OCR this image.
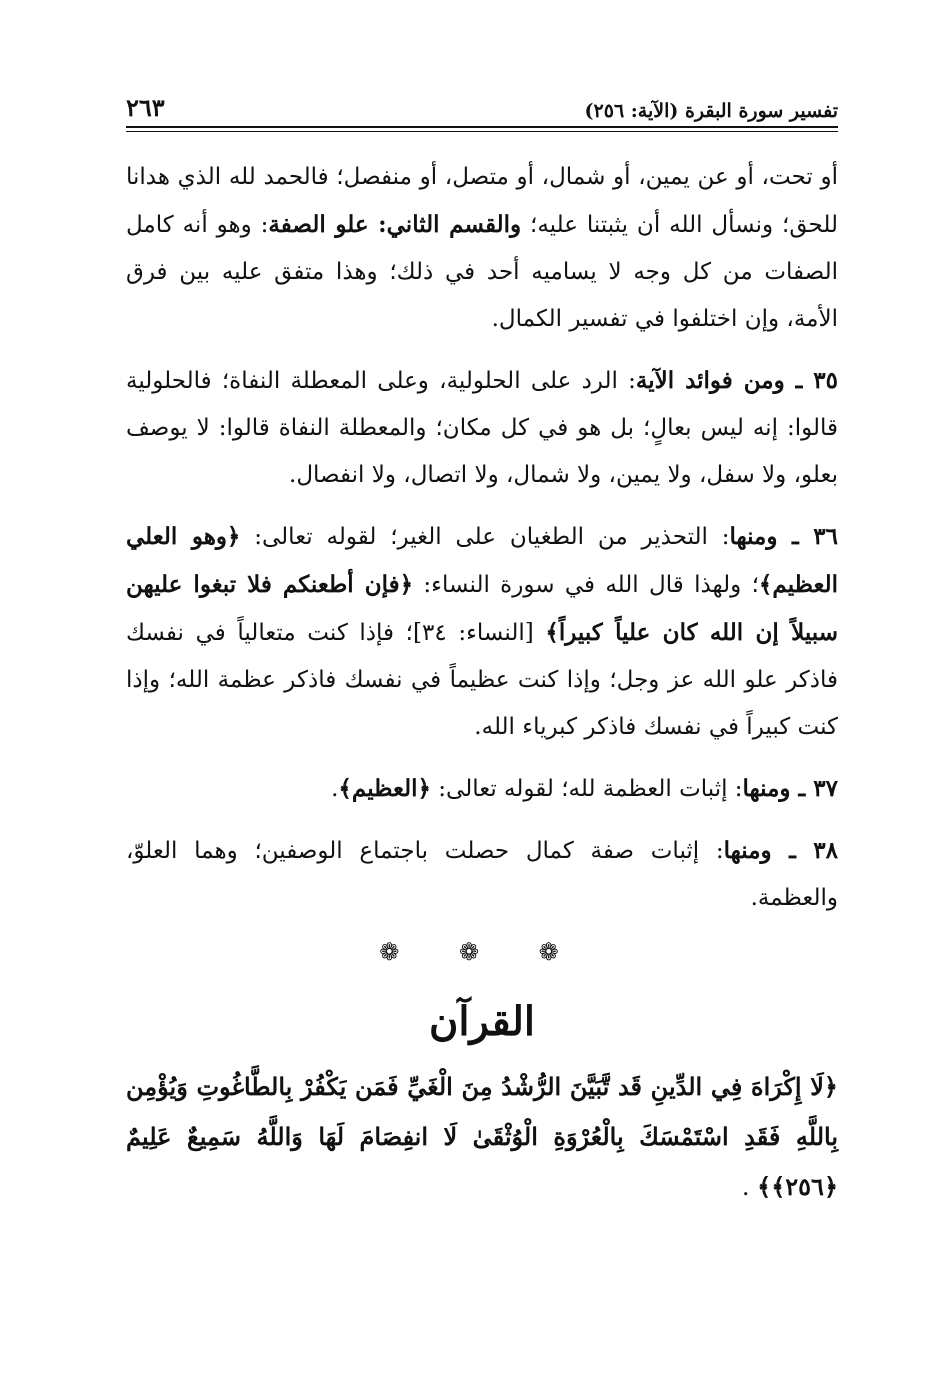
تفسير سورة البقرة (الآية: ٢٥٦)
٢٦٣

أو تحت، أو عن يمين، أو شمال، أو متصل، أو منفصل؛ فالحمد لله الذي هدانا للحق؛ ونسأل الله أن يثبتنا عليه؛ والقسم الثاني: علو الصفة: وهو أنه كامل الصفات من كل وجه لا يساميه أحد في ذلك؛ وهذا متفق عليه بين فرق الأمة، وإن اختلفوا في تفسير الكمال.

٣٥ ـ ومن فوائد الآية: الرد على الحلولية، وعلى المعطلة النفاة؛ فالحلولية قالوا: إنه ليس بعالٍ؛ بل هو في كل مكان؛ والمعطلة النفاة قالوا: لا يوصف بعلو، ولا سفل، ولا يمين، ولا شمال، ولا اتصال، ولا انفصال.

٣٦ ـ ومنها: التحذير من الطغيان على الغير؛ لقوله تعالى: ﴿وهو العلي العظيم﴾؛ ولهذا قال الله في سورة النساء: ﴿فإن أطعنكم فلا تبغوا عليهن سبيلاً إن الله كان علياً كبيراً﴾ [النساء: ٣٤]؛ فإذا كنت متعالياً في نفسك فاذكر علو الله عز وجل؛ وإذا كنت عظيماً في نفسك فاذكر عظمة الله؛ وإذا كنت كبيراً في نفسك فاذكر كبرياء الله.

٣٧ ـ ومنها: إثبات العظمة لله؛ لقوله تعالى: ﴿العظيم﴾.

٣٨ ـ ومنها: إثبات صفة كمال حصلت باجتماع الوصفين؛ وهما العلوّ، والعظمة.

❁ ❁ ❁
القرآن

﴿لَا إِكْرَاهَ فِي الدِّينِ قَد تَّبَيَّنَ الرُّشْدُ مِنَ الْغَيِّ فَمَن يَكْفُرْ بِالطَّاغُوتِ وَيُؤْمِن بِاللَّهِ فَقَدِ اسْتَمْسَكَ بِالْعُرْوَةِ الْوُثْقَىٰ لَا انفِصَامَ لَهَا وَاللَّهُ سَمِيعٌ عَلِيمٌ ﴿٢٥٦﴾﴾ .
